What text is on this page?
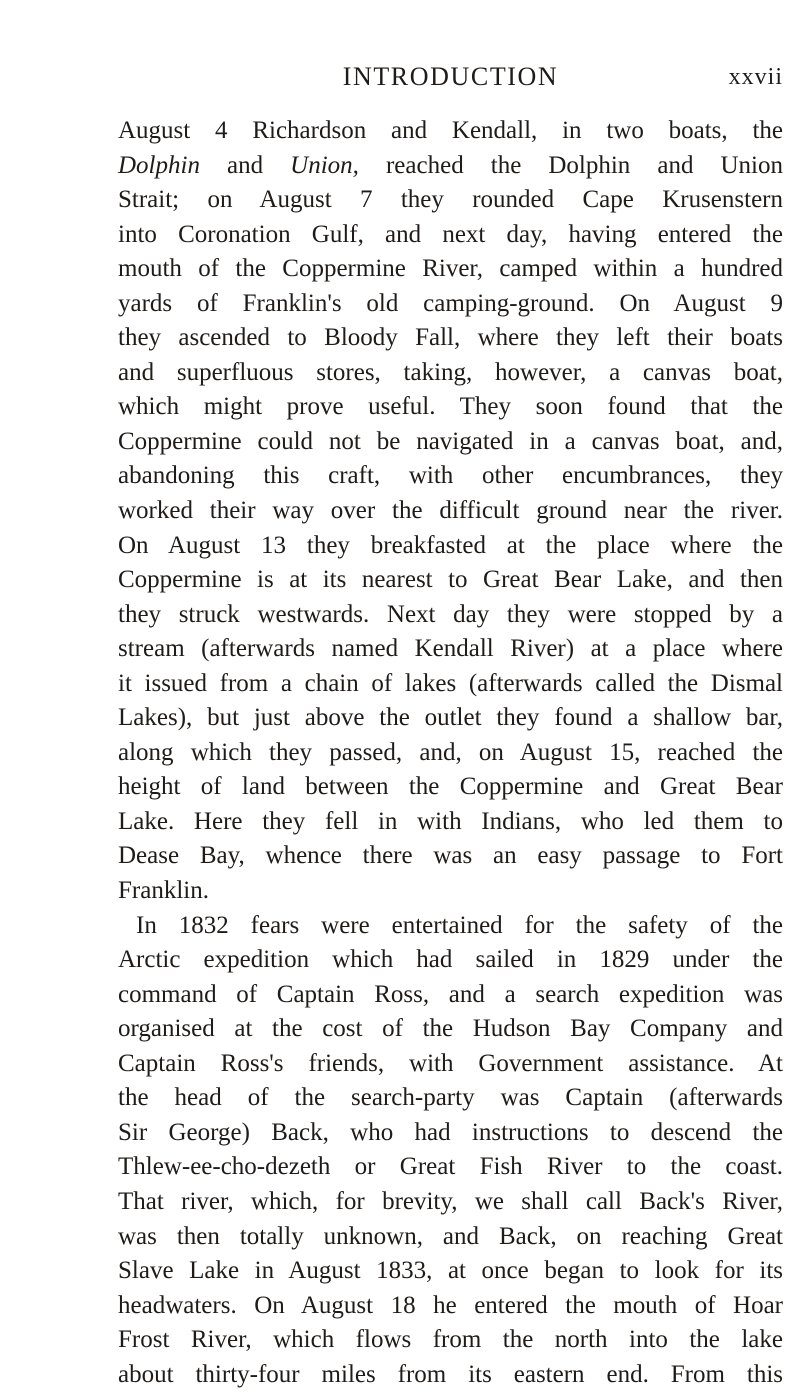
INTRODUCTION	xxvii
August 4 Richardson and Kendall, in two boats, the
Dolphin and Union, reached the Dolphin and Union
Strait; on August 7 they rounded Cape Krusenstern
into Coronation Gulf, and next day, having entered the
mouth of the Coppermine River, camped within a hundred
yards of Franklin's old camping-ground. On August 9
they ascended to Bloody Fall, where they left their boats
and superfluous stores, taking, however, a canvas boat,
which might prove useful. They soon found that the
Coppermine could not be navigated in a canvas boat, and,
abandoning this craft, with other encumbrances, they
worked their way over the difficult ground near the river.
On August 13 they breakfasted at the place where the
Coppermine is at its nearest to Great Bear Lake, and then
they struck westwards. Next day they were stopped by a
stream (afterwards named Kendall River) at a place where
it issued from a chain of lakes (afterwards called the Dismal
Lakes), but just above the outlet they found a shallow bar,
along which they passed, and, on August 15, reached the
height of land between the Coppermine and Great Bear
Lake. Here they fell in with Indians, who led them to
Dease Bay, whence there was an easy passage to Fort
Franklin.
In 1832 fears were entertained for the safety of the
Arctic expedition which had sailed in 1829 under the
command of Captain Ross, and a search expedition was
organised at the cost of the Hudson Bay Company and
Captain Ross's friends, with Government assistance. At
the head of the search-party was Captain (afterwards
Sir George) Back, who had instructions to descend the
Thlew-ee-cho-dezeth or Great Fish River to the coast.
That river, which, for brevity, we shall call Back's River,
was then totally unknown, and Back, on reaching Great
Slave Lake in August 1833, at once began to look for its
headwaters. On August 18 he entered the mouth of Hoar
Frost River, which flows from the north into the lake
about thirty-four miles from its eastern end. From this
